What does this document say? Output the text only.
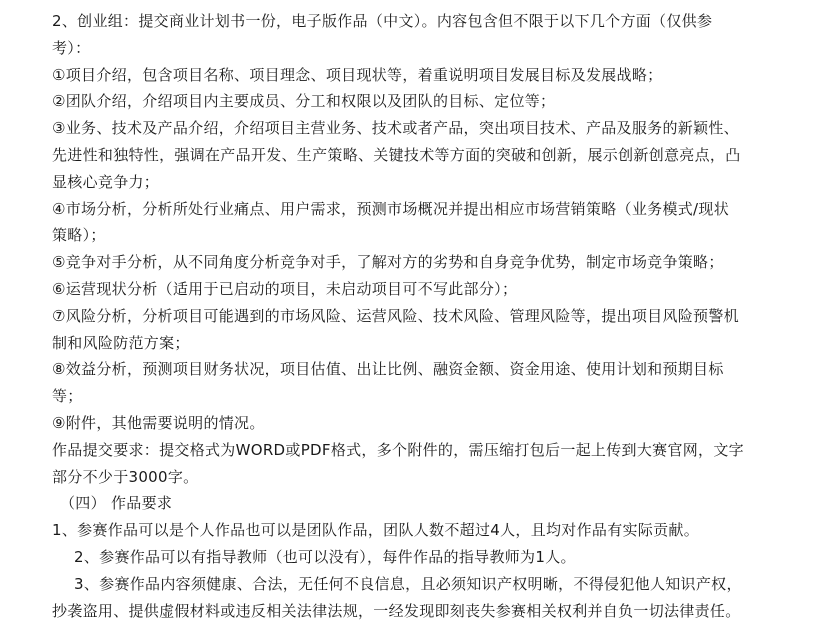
2、创业组：提交商业计划书一份，电子版作品（中文）。内容包含但不限于以下几个方面（仅供参
考）：
①项目介绍，包含项目名称、项目理念、项目现状等，着重说明项目发展目标及发展战略；
②团队介绍，介绍项目内主要成员、分工和权限以及团队的目标、定位等；
③业务、技术及产品介绍，介绍项目主营业务、技术或者产品，突出项目技术、产品及服务的新颖性、
先进性和独特性，强调在产品开发、生产策略、关键技术等方面的突破和创新，展示创新创意亮点，凸
显核心竞争力；
④市场分析，分析所处行业痛点、用户需求，预测市场概况并提出相应市场营销策略（业务模式/现状
策略）；
⑤竞争对手分析，从不同角度分析竞争对手，了解对方的劣势和自身竞争优势，制定市场竞争策略；
⑥运营现状分析（适用于已启动的项目，未启动项目可不写此部分）；
⑦风险分析，分析项目可能遇到的市场风险、运营风险、技术风险、管理风险等，提出项目风险预警机
制和风险防范方案；
⑧效益分析，预测项目财务状况，项目估值、出让比例、融资金额、资金用途、使用计划和预期目标
等；
⑨附件，其他需要说明的情况。
作品提交要求：提交格式为WORD或PDF格式，多个附件的，需压缩打包后一起上传到大赛官网，文字
部分不少于3000字。
（四） 作品要求
1、参赛作品可以是个人作品也可以是团队作品，团队人数不超过4人，且均对作品有实际贡献。
2、参赛作品可以有指导教师（也可以没有），每件作品的指导教师为1人。
3、参赛作品内容须健康、合法，无任何不良信息，且必须知识产权明晰，不得侵犯他人知识产权，
抄袭盗用、提供虚假材料或违反相关法律法规，一经发现即刻丧失参赛相关权利并自负一切法律责任。
